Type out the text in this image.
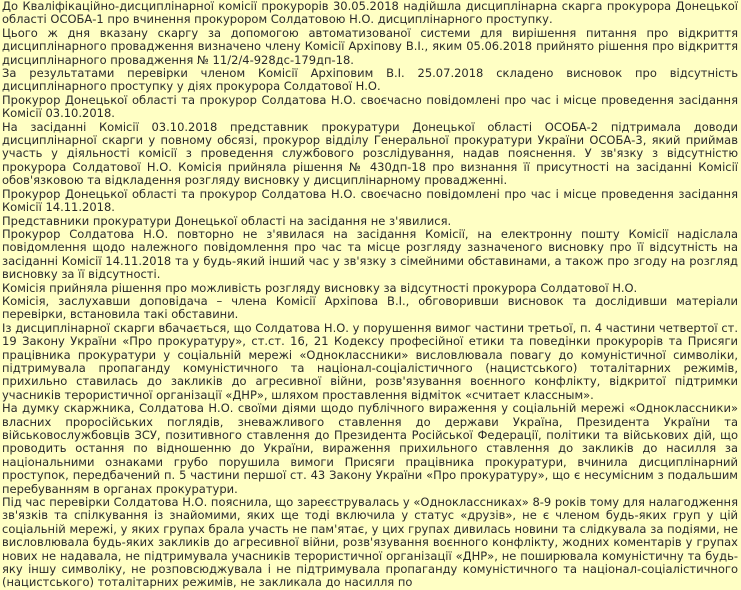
До Кваліфікаційно-дисциплінарної комісії прокурорів 30.05.2018 надійшла дисциплінарна скарга прокурора Донецької області ОСОБА-1 про вчинення прокурором Солдатовою Н.О. дисциплінарного проступку.

Цього ж дня вказану скаргу за допомогою автоматизованої системи для вирішення питання про відкриття дисциплінарного провадження визначено члену Комісії Архіпову В.І., яким 05.06.2018 прийнято рішення про відкриття дисциплінарного провадження № 11/2/4-928дс-179дп-18.

За результатами перевірки членом Комісії Архіповим В.І. 25.07.2018 складено висновок про відсутність дисциплінарного проступку у діях прокурора Солдатової Н.О.

Прокурор Донецької області та прокурор Солдатова Н.О. своєчасно повідомлені про час і місце проведення засідання Комісії 03.10.2018.

На засіданні Комісії 03.10.2018 представник прокуратури Донецької області ОСОБА-2 підтримала доводи дисциплінарної скарги у повному обсязі, прокурор відділу Генеральної прокуратури України ОСОБА-3, який приймав участь у діяльності комісії з проведення службового розслідування, надав пояснення. У зв'язку з відсутністю прокурора Солдатової Н.О. Комісія прийняла рішення № 430дп-18 про визнання її присутності на засіданні Комісії обов'язковою та відкладення розгляду висновку у дисциплінарному провадженні.

Прокурор Донецької області та прокурор Солдатова Н.О. своєчасно повідомлені про час і місце проведення засідання Комісії 14.11.2018.

Представники прокуратури Донецької області на засідання не з'явилися.

Прокурор Солдатова Н.О. повторно не з'явилася на засідання Комісії, на електронну пошту Комісії надіслала повідомлення щодо належного повідомлення про час та місце розгляду зазначеного висновку про її відсутність на засіданні Комісії 14.11.2018 та у будь-який інший час у зв'язку з сімейними обставинами, а також про згоду на розгляд висновку за її відсутності.

Комісія прийняла рішення про можливість розгляду висновку за відсутності прокурора Солдатової Н.О.

Комісія, заслухавши доповідача – члена Комісії Архіпова В.І., обговоривши висновок та дослідивши матеріали перевірки, встановила такі обставини.

Із дисциплінарної скарги вбачається, що Солдатова Н.О. у порушення вимог частини третьої, п. 4 частини четвертої ст. 19 Закону України «Про прокуратуру», ст.ст. 16, 21 Кодексу професійної етики та поведінки прокурорів та Присяги працівника прокуратури у соціальній мережі «Одноклассники» висловлювала повагу до комуністичної символіки, підтримувала пропаганду комуністичного та націонал-соціалістичного (нацистського) тоталітарних режимів, прихильно ставилась до закликів до агресивної війни, розв'язування воєнного конфлікту, відкритої підтримки учасників терористичної організації «ДНР», шляхом проставлення відміток «считает классным».

На думку скаржника, Солдатова Н.О. своїми діями щодо публічного вираження у соціальній мережі «Одноклассники» власних проросійських поглядів, зневажливого ставлення до держави Україна, Президента України та військовослужбовців ЗСУ, позитивного ставлення до Президента Російської Федерації, політики та військових дій, що проводить остання по відношенню до України, вираження прихильного ставлення до закликів до насилля за національними ознаками грубо порушила вимоги Присяги працівника прокуратури, вчинила дисциплінарний проступок, передбачений п. 5 частини першої ст. 43 Закону України «Про прокуратуру», що є несумісним з подальшим перебуванням в органах прокуратури.

Під час перевірки Солдатова Н.О. пояснила, що зареєструвалась у «Одноклассниках» 8-9 років тому для налагодження зв'язків та спілкування із знайомими, яких ще тоді включила у статус «друзів», не є членом будь-яких груп у цій соціальній мережі, у яких групах брала участь не пам'ятає, у цих групах дивилась новини та слідкувала за подіями, не висловлювала будь-яких закликів до агресивної війни, розв'язування воєнного конфлікту, жодних коментарів у групах нових не надавала, не підтримувала учасників терористичної організації «ДНР», не поширювала комуністичну та будь-яку іншу символіку, не розповсюджувала і не підтримувала пропаганду комуністичного та націонал-соціалістичного (нацистського) тоталітарних режимів, не закликала до насилля по
